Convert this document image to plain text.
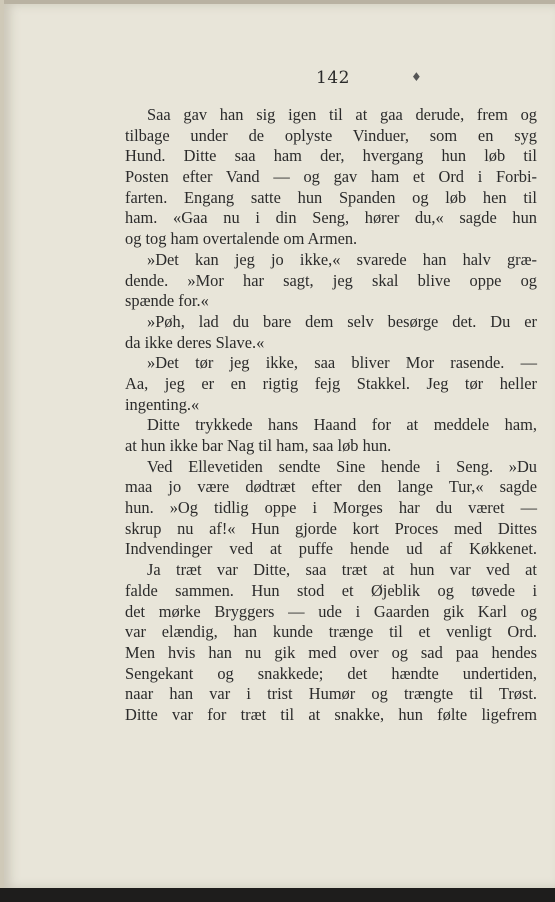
142	♦
Saa gav han sig igen til at gaa derude, frem og
tilbage under de oplyste Vinduer, som en syg
Hund. Ditte saa ham der, hvergang hun løb til
Posten efter Vand — og gav ham et Ord i Forbi-
farten. Engang satte hun Spanden og løb hen til
ham. «Gaa nu i din Seng, hører du,« sagde hun
og tog ham overtalende om Armen.
»Det kan jeg jo ikke,« svarede han halv græ-
dende. »Mor har sagt, jeg skal blive oppe og
spænde for.«
»Pøh, lad du bare dem selv besørge det. Du er
da ikke deres Slave.«
»Det tør jeg ikke, saa bliver Mor rasende. —
Aa, jeg er en rigtig fejg Stakkel. Jeg tør heller
ingenting.«
Ditte trykkede hans Haand for at meddele ham,
at hun ikke bar Nag til ham, saa løb hun.
Ved Ellevetiden sendte Sine hende i Seng. »Du
maa jo være dødtræt efter den lange Tur,« sagde
hun. »Og tidlig oppe i Morges har du været —
skrup nu af!« Hun gjorde kort Proces med Dittes
Indvendinger ved at puffe hende ud af Køkkenet.
Ja træt var Ditte, saa træt at hun var ved at
falde sammen. Hun stod et Øjeblik og tøvede i
det mørke Bryggers — ude i Gaarden gik Karl og
var elændig, han kunde trænge til et venligt Ord.
Men hvis han nu gik med over og sad paa hendes
Sengekant og snakkede; det hændte undertiden,
naar han var i trist Humør og trængte til Trøst.
Ditte var for træt til at snakke, hun følte ligefrem
